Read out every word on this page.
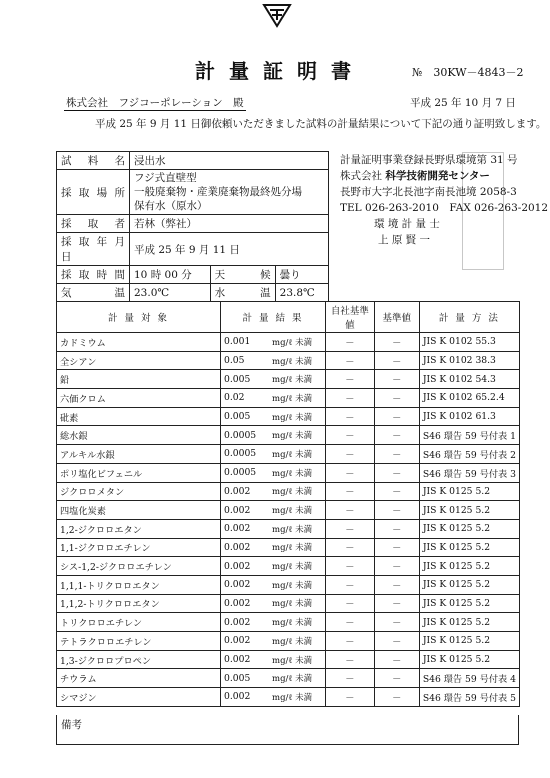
計量証明書	№　30KW－4843－2
株式会社　フジコーポレーション　殿	平成 25 年 10 月 7 日
平成 25 年 9 月 11 日御依頼いただきました試料の計量結果について下記の通り証明致します。
試　料　名	浸出水		
採 取 場 所	フジ式直壁型
一般廃棄物・産業廃棄物最終処分場
保有水（原水）		

採　取　者	若林（弊社）		
採 取 年 月 日	平成 25 年 9 月 11 日		
採 取 時 間	10 時 00 分	天　　候	曇り
気　　　温	23.0℃	水　　　温	23.8℃
計量証明事業登録長野県環境第 31 号
株式会社 科学技術開発センター
長野市大字北長池字南長池境 2058-3
TEL 026-263-2010　FAX 026-263-2012
環 境 計 量 士
上 原 賢 一
計 量 対 象	計 量 結 果		自社基準値	基準値	計 量 方 法
カドミウム	0.001	mg/ℓ 未満	－	－	JIS K 0102 55.3
全シアン	0.05	mg/ℓ 未満	－	－	JIS K 0102 38.3
鉛	0.005	mg/ℓ 未満	－	－	JIS K 0102 54.3
六価クロム	0.02	mg/ℓ 未満	－	－	JIS K 0102 65.2.4
砒素	0.005	mg/ℓ 未満	－	－	JIS K 0102 61.3
総水銀	0.0005	mg/ℓ 未満	－	－	S46 環告 59 号付表 1
アルキル水銀	0.0005	mg/ℓ 未満	－	－	S46 環告 59 号付表 2
ポリ塩化ビフェニル	0.0005	mg/ℓ 未満	－	－	S46 環告 59 号付表 3
ジクロロメタン	0.002	mg/ℓ 未満	－	－	JIS K 0125 5.2
四塩化炭素	0.002	mg/ℓ 未満	－	－	JIS K 0125 5.2
1,2-ジクロロエタン	0.002	mg/ℓ 未満	－	－	JIS K 0125 5.2
1,1-ジクロロエチレン	0.002	mg/ℓ 未満	－	－	JIS K 0125 5.2
シス-1,2-ジクロロエチレン	0.002	mg/ℓ 未満	－	－	JIS K 0125 5.2
1,1,1-トリクロロエタン	0.002	mg/ℓ 未満	－	－	JIS K 0125 5.2
1,1,2-トリクロロエタン	0.002	mg/ℓ 未満	－	－	JIS K 0125 5.2
トリクロロエチレン	0.002	mg/ℓ 未満	－	－	JIS K 0125 5.2
テトラクロロエチレン	0.002	mg/ℓ 未満	－	－	JIS K 0125 5.2
1,3-ジクロロプロペン	0.002	mg/ℓ 未満	－	－	JIS K 0125 5.2
チウラム	0.005	mg/ℓ 未満	－	－	S46 環告 59 号付表 4
シマジン	0.002	mg/ℓ 未満	－	－	S46 環告 59 号付表 5
備考
